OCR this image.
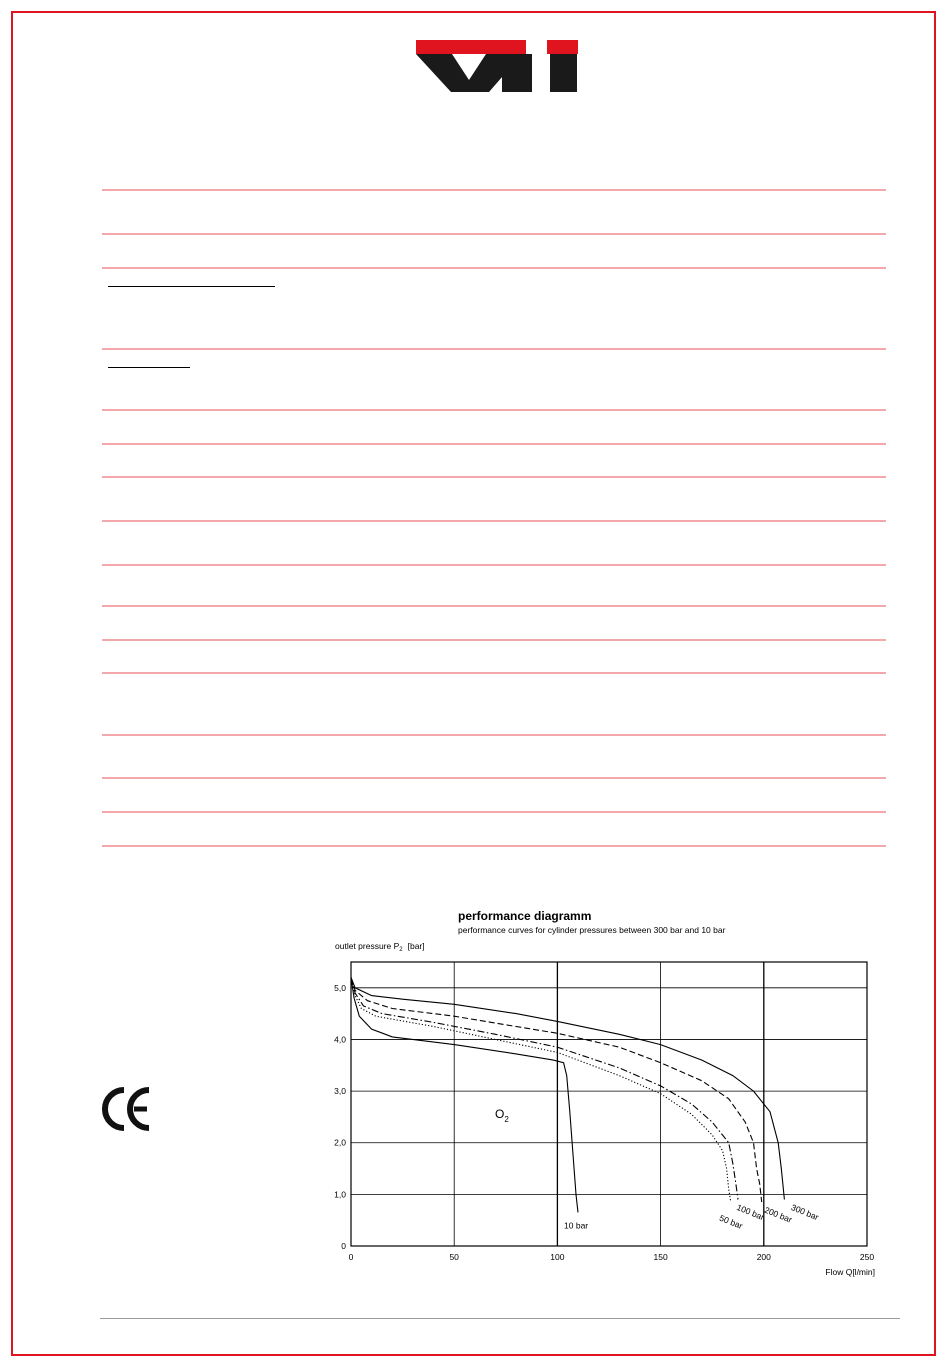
performance diagramm
performance curves for cylinder pressures between 300 bar and 10 bar
outlet pressure $P_2$ [bar]
0
1,0
2,0
3,0
4,0
5,0
0	50	100	150	200	250
Flow Q[l/min]
$O_2$
300 bar
200 bar
100 bar
50 bar
10 bar
